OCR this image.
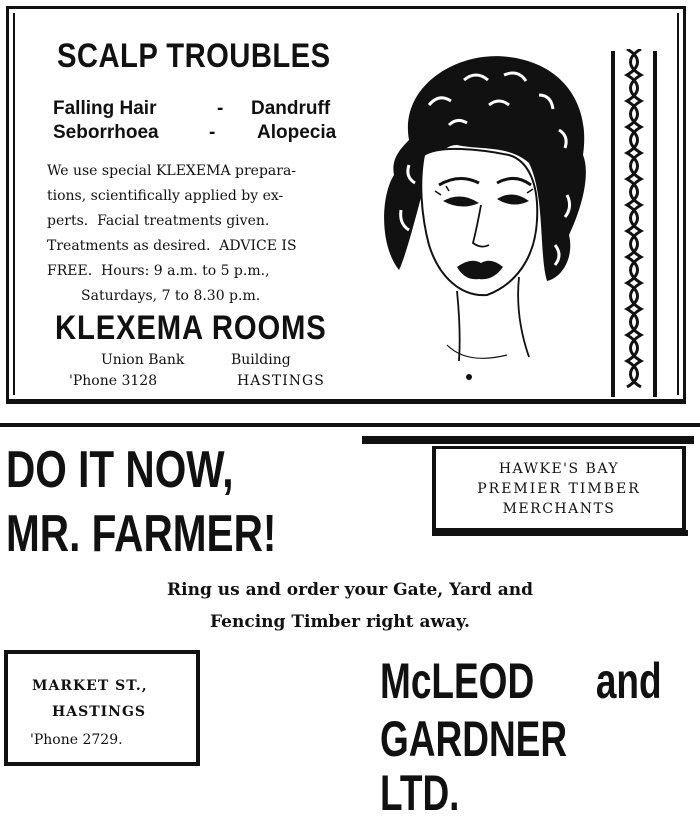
SCALP TROUBLES
Falling Hair	- Dandruff
Seborrhoea	- Alopecia
We use special KLEXEMA prepara-
tions, scientifically applied by ex-
perts.  Facial treatments given.
Treatments as desired.  ADVICE IS
FREE.  Hours: 9 a.m. to 5 p.m.,
Saturdays, 7 to 8.30 p.m.
KLEXEMA ROOMS
Union Bank	Building
'Phone 3128	HASTINGS
DO IT NOW,
MR. FARMER!
HAWKE'S BAY
PREMIER TIMBER
MERCHANTS
Ring us and order your Gate, Yard and
Fencing Timber right away.
MARKET ST.,
HASTINGS
'Phone 2729.
McLEOD      and
GARDNER LTD.
